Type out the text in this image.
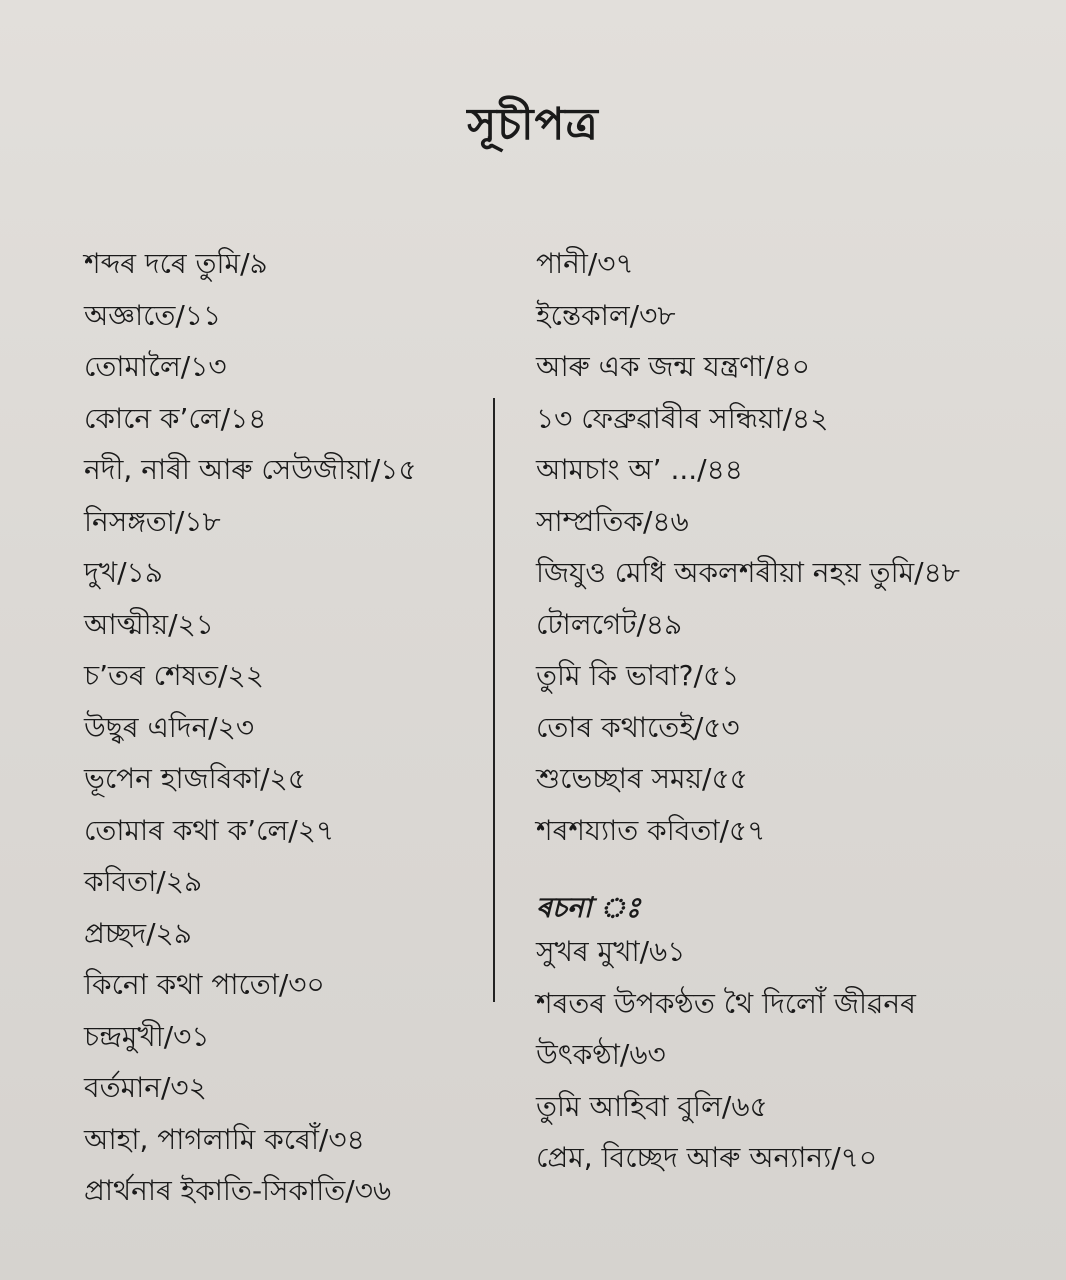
সূচীপত্ৰ
শব্দৰ দৰে তুমি/৯
অজ্ঞাতে/১১
তোমালৈ/১৩
কোনে ক’লে/১৪
নদী, নাৰী আৰু সেউজীয়া/১৫
নিসঙ্গতা/১৮
দুখ/১৯
আত্মীয়/২১
চ’তৰ শেষত/২২
উছ্বৰ এদিন/২৩
ভূপেন হাজৰিকা/২৫
তোমাৰ কথা ক’লে/২৭
কবিতা/২৯
প্ৰচ্ছদ/২৯
কিনো কথা পাতো/৩০
চন্দ্ৰমুখী/৩১
বৰ্তমান/৩২
আহা, পাগলামি কৰোঁ/৩৪
প্ৰাৰ্থনাৰ ইকাতি-সিকাতি/৩৬
পানী/৩৭
ইন্তেকাল/৩৮
আৰু এক জন্ম যন্ত্ৰণা/৪০
১৩ ফেব্ৰুৱাৰীৰ সন্ধিয়া/৪২
আমচাং অ’ .../৪৪
সাম্প্ৰতিক/৪৬
জিযুও মেধি অকলশৰীয়া নহয় তুমি/৪৮
টোলগেট/৪৯
তুমি কি ভাবা?/৫১
তোৰ কথাতেই/৫৩
শুভেচ্ছাৰ সময়/৫৫
শৰশয্যাত কবিতা/৫৭
ৰচনা ঃ
সুখৰ মুখা/৬১
শৰতৰ উপকণ্ঠত থৈ দিলোঁ জীৱনৰ
উৎকণ্ঠা/৬৩
তুমি আহিবা বুলি/৬৫
প্ৰেম, বিচ্ছেদ আৰু অন্যান্য/৭০
